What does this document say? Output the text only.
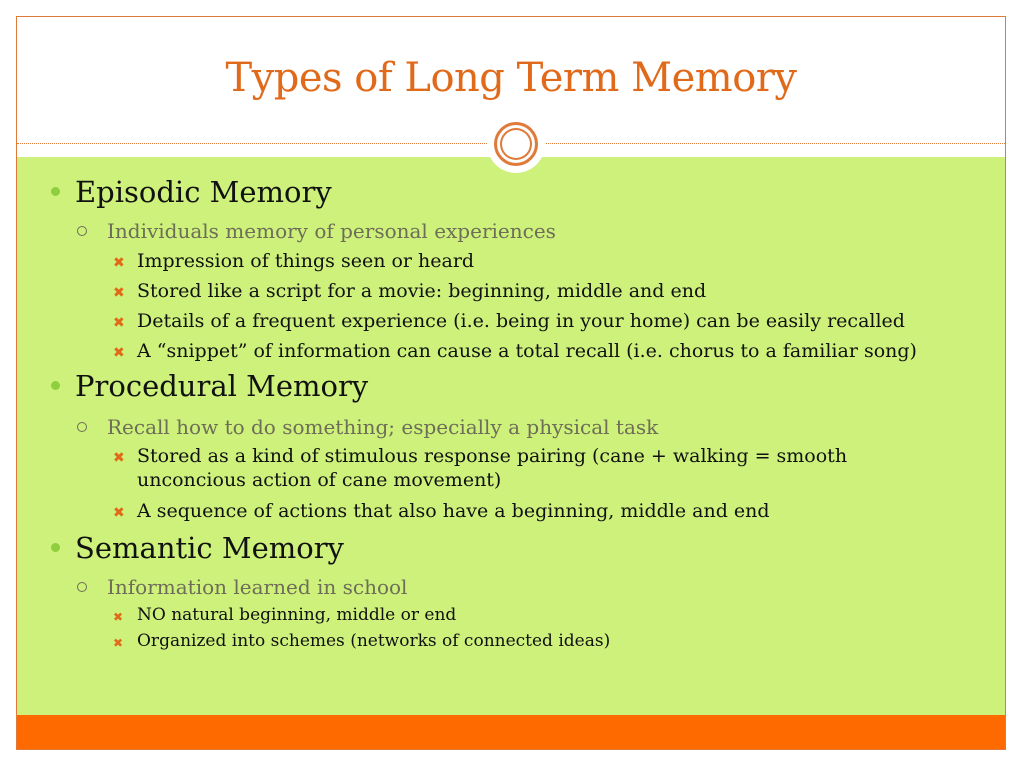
Types of Long Term Memory
Episodic Memory
Individuals memory of personal experiences
✖ Impression of things seen or heard
✖ Stored like a script for a movie: beginning, middle and end
✖ Details of a frequent experience (i.e. being in your home) can be easily recalled
✖ A “snippet” of information can cause a total recall (i.e. chorus to a familiar song)
Procedural Memory
Recall how to do something; especially a physical task
✖ Stored as a kind of stimulous response pairing (cane + walking = smooth unconcious action of cane movement)
✖ A sequence of actions that also have a beginning, middle and end
Semantic Memory
Information learned in school
✖ NO natural beginning, middle or end
✖ Organized into schemes (networks of connected ideas)
